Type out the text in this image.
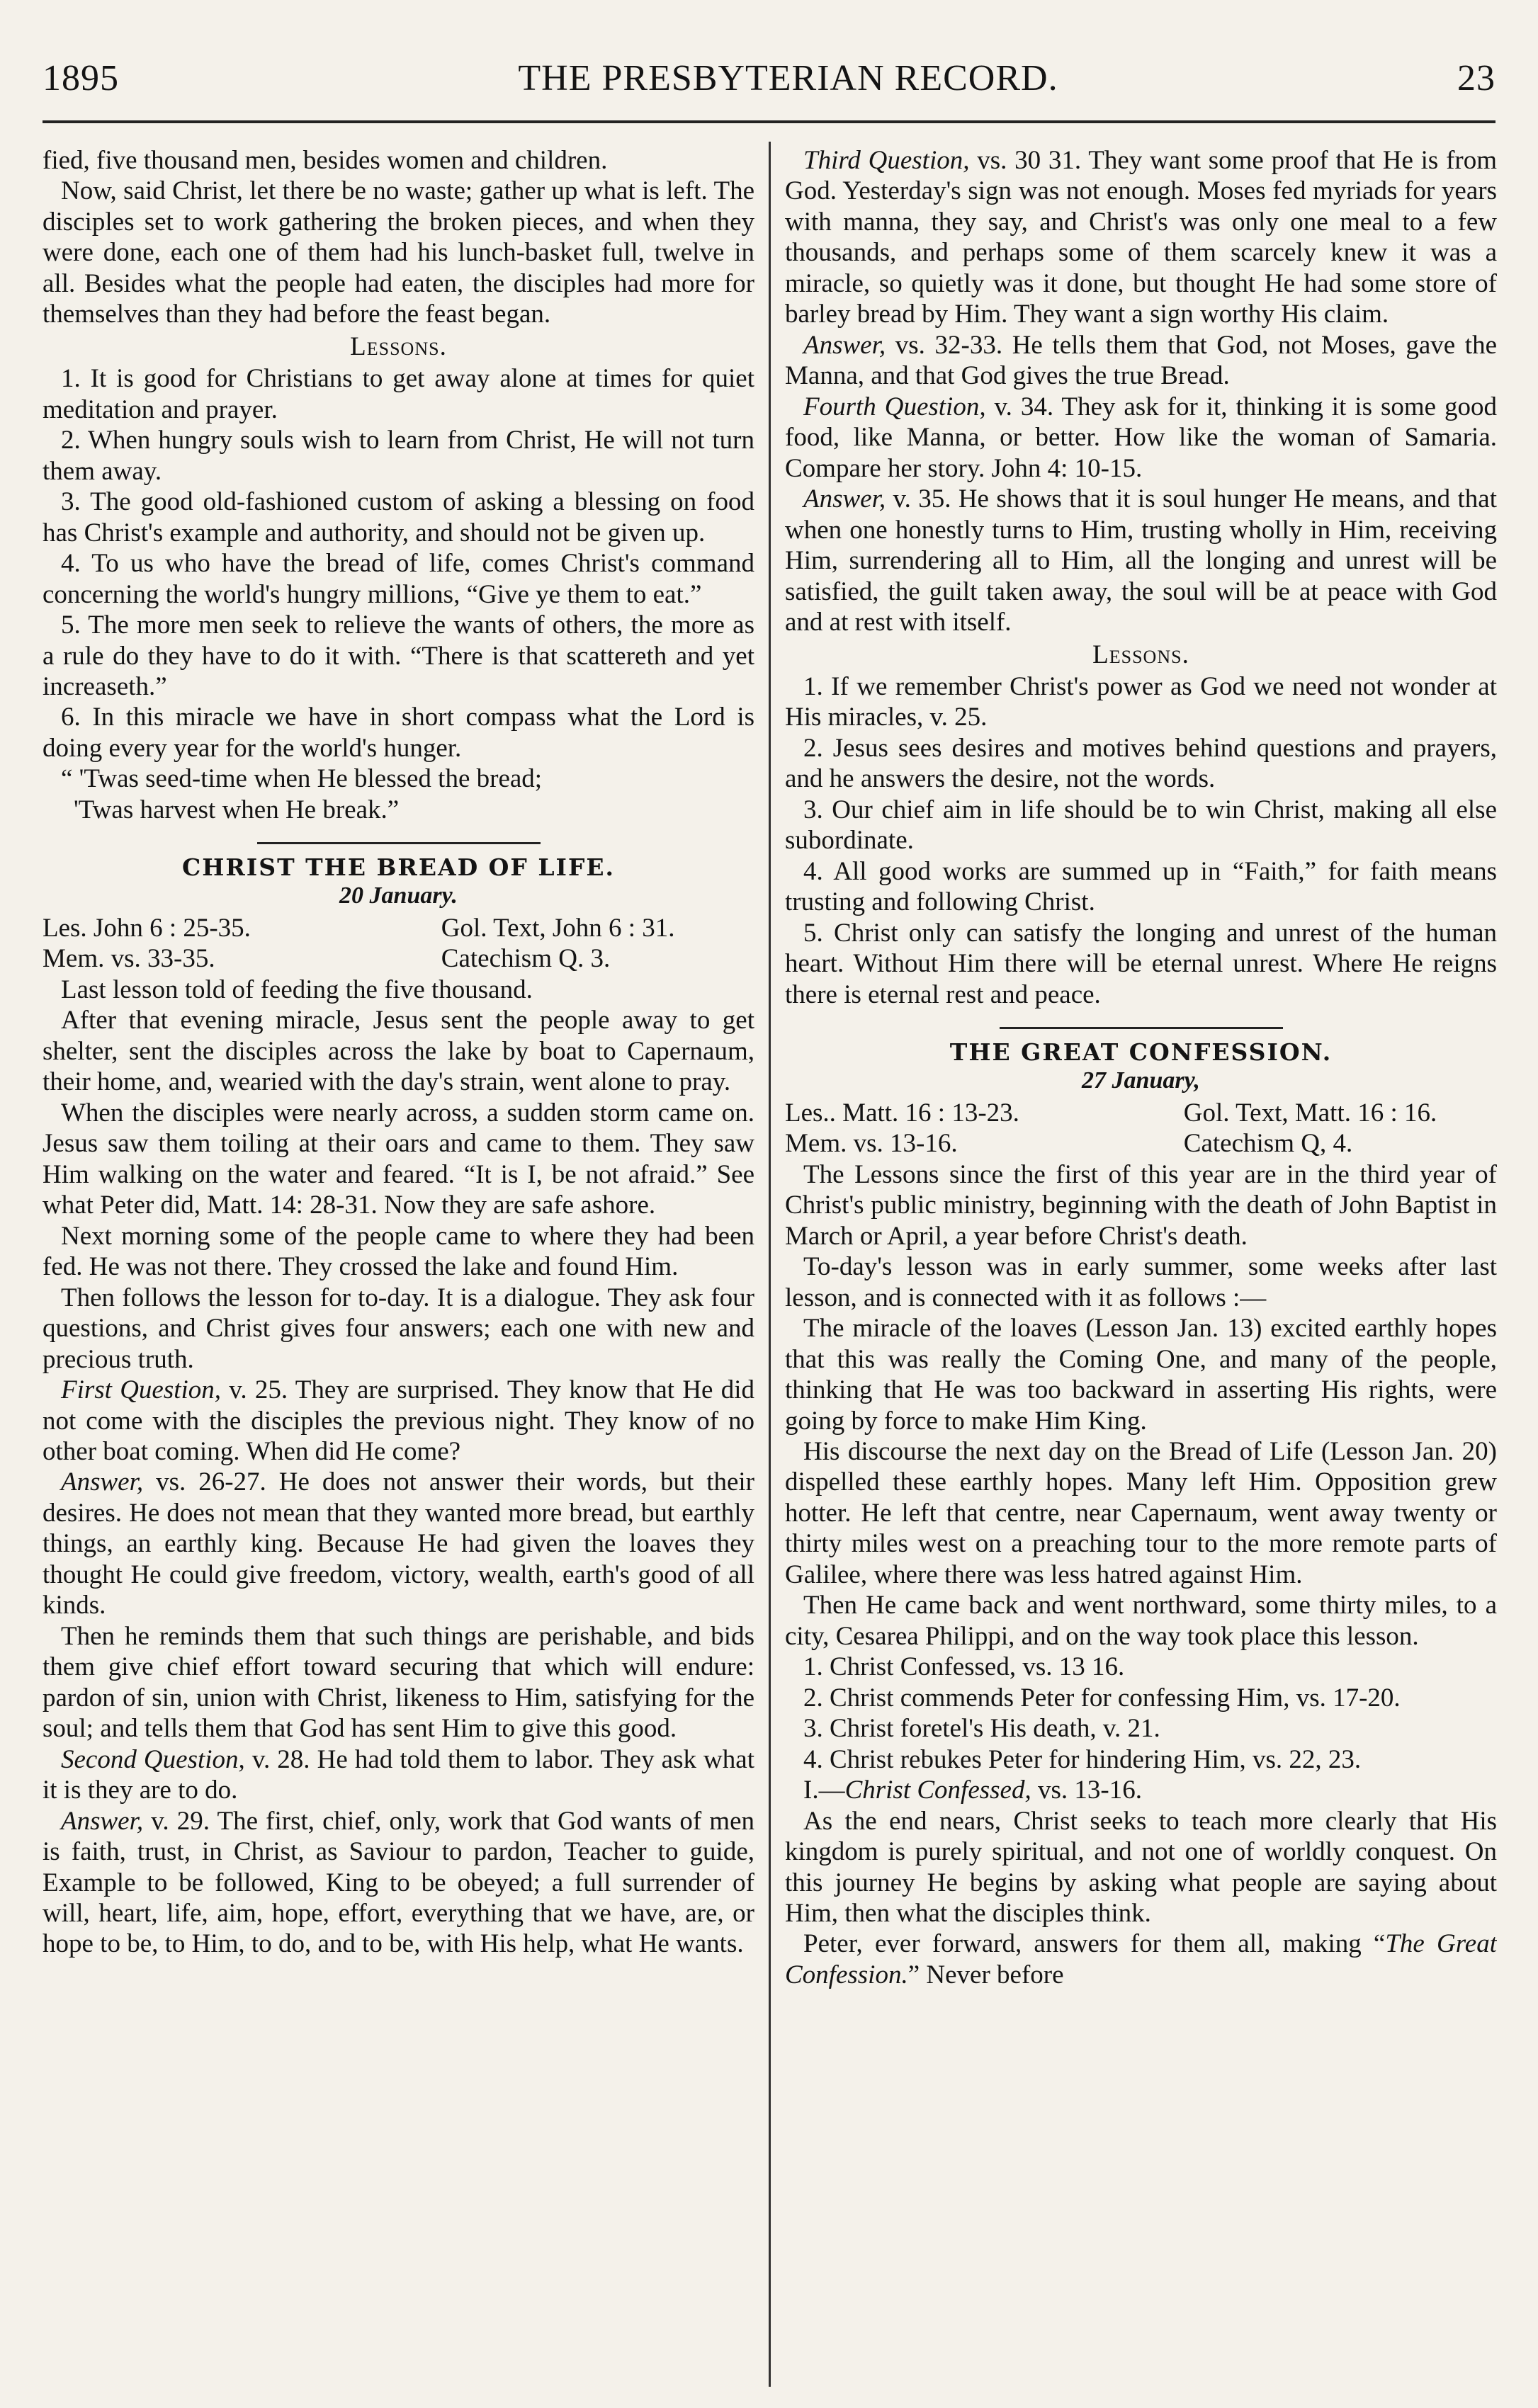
1895	THE PRESBYTERIAN RECORD.	23

fied, five thousand men, besides women and children.

Now, said Christ, let there be no waste; gather up what is left. The disciples set to work gathering the broken pieces, and when they were done, each one of them had his lunch-basket full, twelve in all. Besides what the people had eaten, the disciples had more for themselves than they had before the feast began.

Lessons.

1. It is good for Christians to get away alone at times for quiet meditation and prayer.

2. When hungry souls wish to learn from Christ, He will not turn them away.

3. The good old-fashioned custom of asking a blessing on food has Christ's example and authority, and should not be given up.

4. To us who have the bread of life, comes Christ's command concerning the world's hungry millions, “Give ye them to eat.”

5. The more men seek to relieve the wants of others, the more as a rule do they have to do it with. “There is that scattereth and yet increaseth.”

6. In this miracle we have in short compass what the Lord is doing every year for the world's hunger.

“ 'Twas seed-time when He blessed the bread;

'Twas harvest when He break.”

CHRIST THE BREAD OF LIFE.
20 January.
Les. John 6 : 25-35.	Gol. Text, John 6 : 31.
Mem. vs. 33-35.	Catechism Q. 3.

Last lesson told of feeding the five thousand.

After that evening miracle, Jesus sent the people away to get shelter, sent the disciples across the lake by boat to Capernaum, their home, and, wearied with the day's strain, went alone to pray.

When the disciples were nearly across, a sudden storm came on. Jesus saw them toiling at their oars and came to them. They saw Him walking on the water and feared. “It is I, be not afraid.” See what Peter did, Matt. 14: 28-31. Now they are safe ashore.

Next morning some of the people came to where they had been fed. He was not there. They crossed the lake and found Him.

Then follows the lesson for to-day. It is a dialogue. They ask four questions, and Christ gives four answers; each one with new and precious truth.

First Question, v. 25. They are surprised. They know that He did not come with the disciples the previous night. They know of no other boat coming. When did He come?

Answer, vs. 26-27. He does not answer their words, but their desires. He does not mean that they wanted more bread, but earthly things, an earthly king. Because He had given the loaves they thought He could give freedom, victory, wealth, earth's good of all kinds.

Then he reminds them that such things are perishable, and bids them give chief effort toward securing that which will endure: pardon of sin, union with Christ, likeness to Him, satisfying for the soul; and tells them that God has sent Him to give this good.

Second Question, v. 28. He had told them to labor. They ask what it is they are to do.

Answer, v. 29. The first, chief, only, work that God wants of men is faith, trust, in Christ, as Saviour to pardon, Teacher to guide, Example to be followed, King to be obeyed; a full surrender of will, heart, life, aim, hope, effort, everything that we have, are, or hope to be, to Him, to do, and to be, with His help, what He wants.

Third Question, vs. 30 31. They want some proof that He is from God. Yesterday's sign was not enough. Moses fed myriads for years with manna, they say, and Christ's was only one meal to a few thousands, and perhaps some of them scarcely knew it was a miracle, so quietly was it done, but thought He had some store of barley bread by Him. They want a sign worthy His claim.

Answer, vs. 32-33. He tells them that God, not Moses, gave the Manna, and that God gives the true Bread.

Fourth Question, v. 34. They ask for it, thinking it is some good food, like Manna, or better. How like the woman of Samaria. Compare her story. John 4: 10-15.

Answer, v. 35. He shows that it is soul hunger He means, and that when one honestly turns to Him, trusting wholly in Him, receiving Him, surrendering all to Him, all the longing and unrest will be satisfied, the guilt taken away, the soul will be at peace with God and at rest with itself.

Lessons.

1. If we remember Christ's power as God we need not wonder at His miracles, v. 25.

2. Jesus sees desires and motives behind questions and prayers, and he answers the desire, not the words.

3. Our chief aim in life should be to win Christ, making all else subordinate.

4. All good works are summed up in “Faith,” for faith means trusting and following Christ.

5. Christ only can satisfy the longing and unrest of the human heart. Without Him there will be eternal unrest. Where He reigns there is eternal rest and peace.

THE GREAT CONFESSION.
27 January,
Les.. Matt. 16 : 13-23.	Gol. Text, Matt. 16 : 16.
Mem. vs. 13-16.	Catechism Q, 4.

The Lessons since the first of this year are in the third year of Christ's public ministry, beginning with the death of John Baptist in March or April, a year before Christ's death.

To-day's lesson was in early summer, some weeks after last lesson, and is connected with it as follows :—

The miracle of the loaves (Lesson Jan. 13) excited earthly hopes that this was really the Coming One, and many of the people, thinking that He was too backward in asserting His rights, were going by force to make Him King.

His discourse the next day on the Bread of Life (Lesson Jan. 20) dispelled these earthly hopes. Many left Him. Opposition grew hotter. He left that centre, near Capernaum, went away twenty or thirty miles west on a preaching tour to the more remote parts of Galilee, where there was less hatred against Him.

Then He came back and went northward, some thirty miles, to a city, Cesarea Philippi, and on the way took place this lesson.

1. Christ Confessed, vs. 13 16.

2. Christ commends Peter for confessing Him, vs. 17-20.

3. Christ foretel's His death, v. 21.

4. Christ rebukes Peter for hindering Him, vs. 22, 23.

I.—Christ Confessed, vs. 13-16.

As the end nears, Christ seeks to teach more clearly that His kingdom is purely spiritual, and not one of worldly conquest. On this journey He begins by asking what people are saying about Him, then what the disciples think.

Peter, ever forward, answers for them all, making “The Great Confession.” Never before
